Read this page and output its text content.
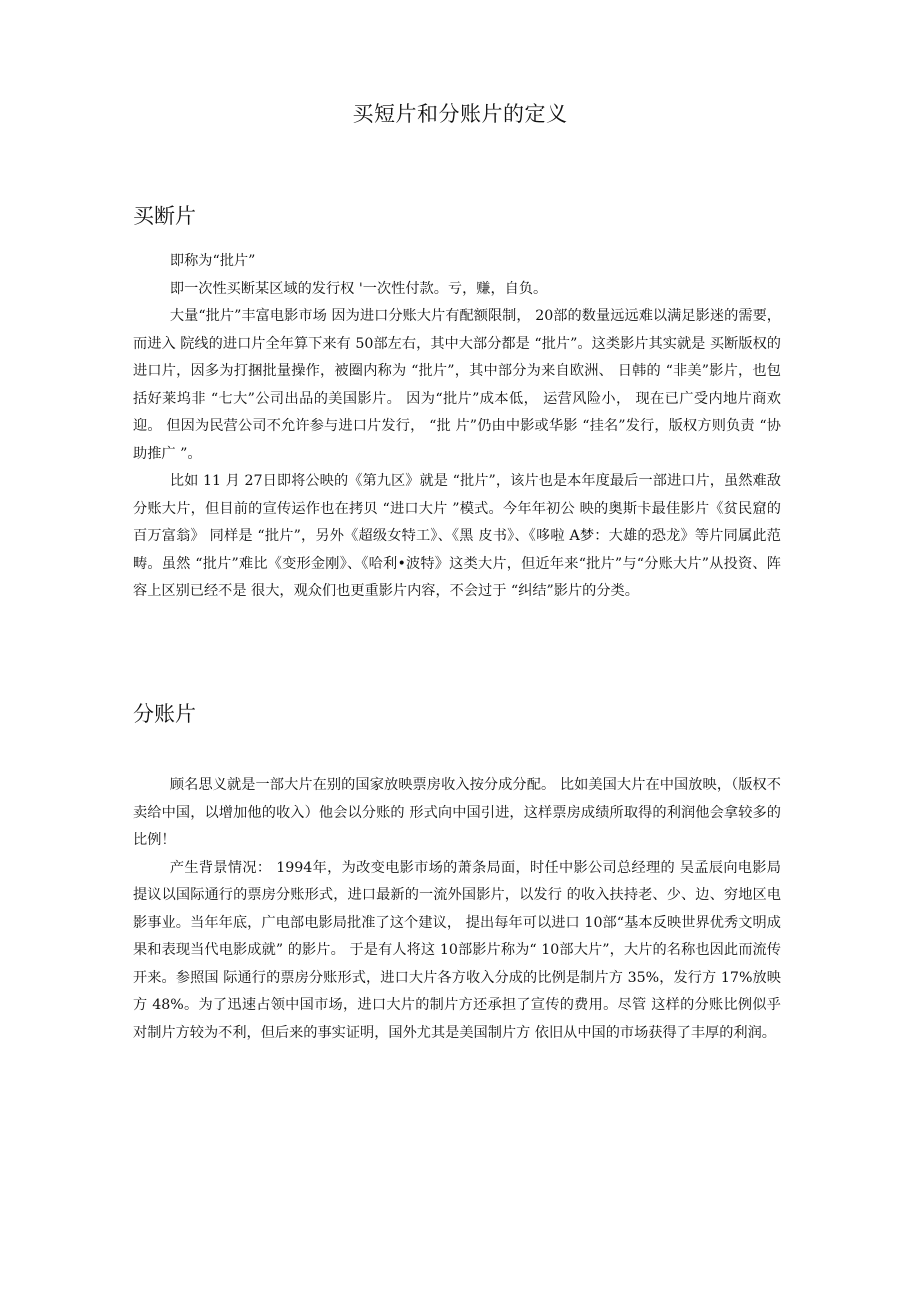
买短片和分账片的定义
买断片

即称为“批片”

即一次性买断某区域的发行权 '一次性付款。亏，赚，自负。

大量“批片”丰富电影市场 因为进口分账大片有配额限制， 20部的数量远远难以满足影迷的需要，而进入 院线的进口片全年算下来有 50部左右，其中大部分都是 “批片”。这类影片其实就是 买断版权的进口片，因多为打捆批量操作，被圈内称为 “批片”，其中部分为来自欧洲、 日韩的 “非美”影片，也包括好莱坞非 “七大”公司出品的美国影片。 因为“批片”成本低， 运营风险小， 现在已广受内地片商欢迎。 但因为民营公司不允许参与进口片发行， “批 片”仍由中影或华影 “挂名”发行，版权方则负责 “协助推广 ”。

比如 11 月 27日即将公映的《第九区》就是 “批片”，该片也是本年度最后一部进口片，虽然难敌分账大片，但目前的宣传运作也在拷贝 “进口大片 ”模式。今年年初公 映的奥斯卡最佳影片《贫民窟的百万富翁》 同样是 “批片”，另外《超级女特工》、《黑 皮书》、《哆啦 A梦：大雄的恐龙》等片同属此范畴。虽然 “批片”难比《变形金刚》、《哈利•波特》这类大片，但近年来“批片”与“分账大片”从投资、阵容上区别已经不是 很大，观众们也更重影片内容，不会过于 “纠结”影片的分类。

分账片

顾名思义就是一部大片在别的国家放映票房收入按分成分配。 比如美国大片在中国放映，（版权不卖给中国，以增加他的收入）他会以分账的 形式向中国引进，这样票房成绩所取得的利润他会拿较多的比例！

产生背景情况： 1994年，为改变电影市场的萧条局面，时任中影公司总经理的 吴孟辰向电影局提议以国际通行的票房分账形式，进口最新的一流外国影片，以发行 的收入扶持老、少、边、穷地区电影事业。当年年底，广电部电影局批准了这个建议， 提出每年可以进口 10部“基本反映世界优秀文明成果和表现当代电影成就” 的影片。 于是有人将这 10部影片称为“ 10部大片”，大片的名称也因此而流传开来。参照国 际通行的票房分账形式，进口大片各方收入分成的比例是制片方 35%，发行方 17%放映方 48%。为了迅速占领中国市场，进口大片的制片方还承担了宣传的费用。尽管 这样的分账比例似乎对制片方较为不利，但后来的事实证明，国外尤其是美国制片方 依旧从中国的市场获得了丰厚的利润。
